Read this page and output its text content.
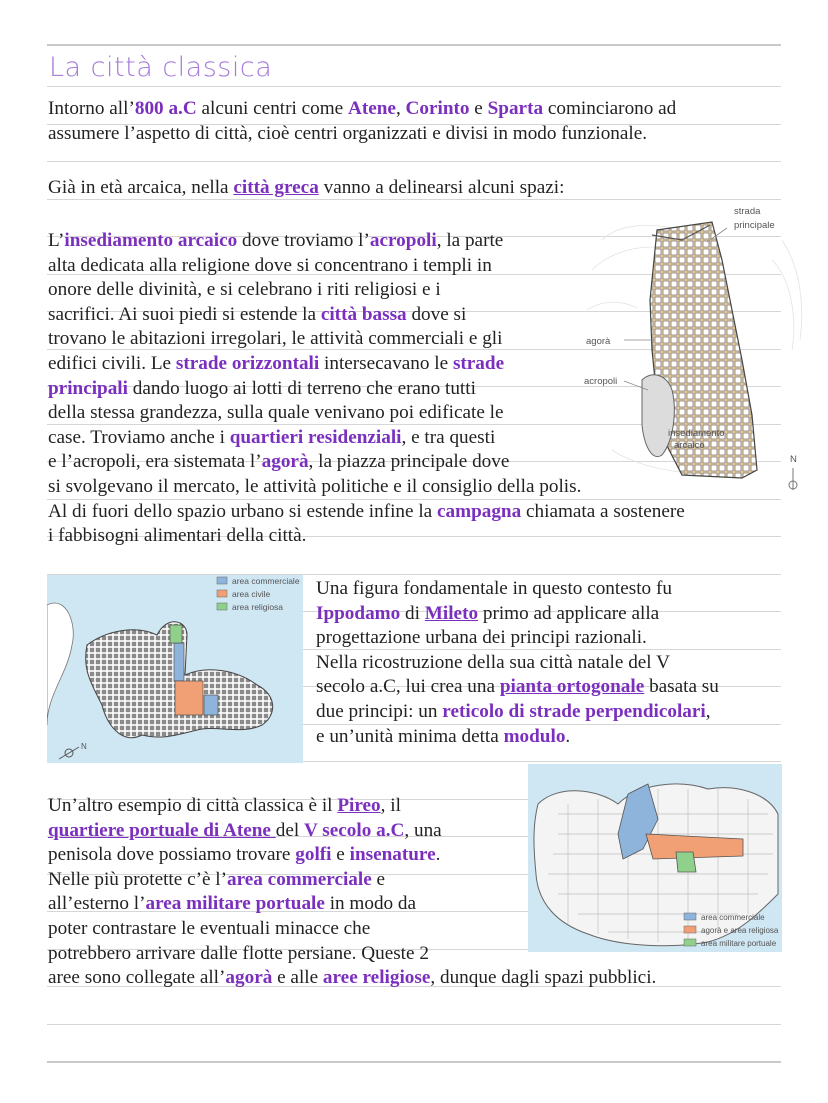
La città classica
Intorno all’800 a.C alcuni centri come Atene, Corinto e Sparta cominciarono ad
assumere l’aspetto di città, cioè centri organizzati e divisi in modo funzionale.
Già in età arcaica, nella città greca vanno a delinearsi alcuni spazi:
L’insediamento arcaico dove troviamo l’acropoli, la parte
alta dedicata alla religione dove si concentrano i templi in
onore delle divinità, e si celebrano i riti religiosi e i
sacrifici. Ai suoi piedi si estende la città bassa dove si
trovano le abitazioni irregolari, le attività commerciali e gli
edifici civili. Le strade orizzontali intersecavano le strade
principali dando luogo ai lotti di terreno che erano tutti
della stessa grandezza, sulla quale venivano poi edificate le
case. Troviamo anche i quartieri residenziali, e tra questi
e l’acropoli, era sistemata l’agorà, la piazza principale dove
si svolgevano il mercato, le attività politiche e il consiglio della polis.
Al di fuori dello spazio urbano si estende infine la campagna chiamata a sostenere
i fabbisogni alimentari della città.
strada
principale
agorà
acropoli
insediamento
arcaico
N
area commerciale
area civile
area religiosa
N
Una figura fondamentale in questo contesto fu
Ippodamo di Mileto primo ad applicare alla
progettazione urbana dei principi razionali.
Nella ricostruzione della sua città natale del V
secolo a.C, lui crea una pianta ortogonale basata su
due principi: un reticolo di strade perpendicolari,
e un’unità minima detta modulo.
area commerciale
agorà e area religiosa
area militare portuale
Un’altro esempio di città classica è il Pireo, il
quartiere portuale di Atene del V secolo a.C, una
penisola dove possiamo trovare golfi e insenature.
Nelle più protette c’è l’area commerciale e
all’esterno l’area militare portuale in modo da
poter contrastare le eventuali minacce che
potrebbero arrivare dalle flotte persiane. Queste 2
aree sono collegate all’agorà e alle aree religiose, dunque dagli spazi pubblici.
